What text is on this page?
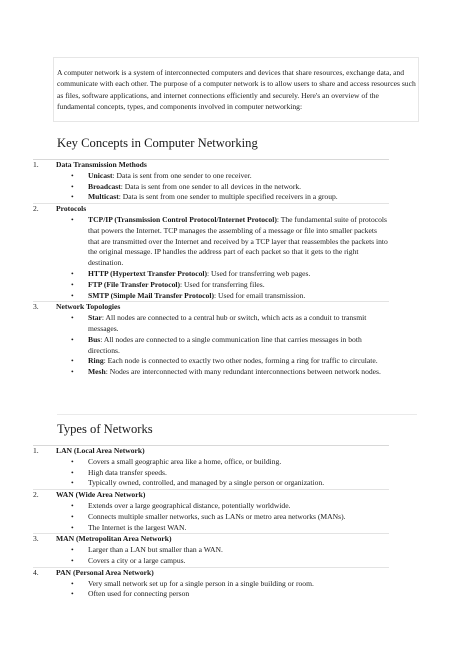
A computer network is a system of interconnected computers and devices that share resources, exchange data, and communicate with each other. The purpose of a computer network is to allow users to share and access resources such as files, software applications, and internet connections efficiently and securely. Here's an overview of the fundamental concepts, types, and components involved in computer networking:
Key Concepts in Computer Networking
1.	Data Transmission Methods
• Unicast: Data is sent from one sender to one receiver.
• Broadcast: Data is sent from one sender to all devices in the network.
• Multicast: Data is sent from one sender to multiple specified receivers in a group.
2.	Protocols
• TCP/IP (Transmission Control Protocol/Internet Protocol): The fundamental suite of protocols that powers the Internet. TCP manages the assembling of a message or file into smaller packets that are transmitted over the Internet and received by a TCP layer that reassembles the packets into the original message. IP handles the address part of each packet so that it gets to the right destination.
• HTTP (Hypertext Transfer Protocol): Used for transferring web pages.
• FTP (File Transfer Protocol): Used for transferring files.
• SMTP (Simple Mail Transfer Protocol): Used for email transmission.
3.	Network Topologies
• Star: All nodes are connected to a central hub or switch, which acts as a conduit to transmit messages.
• Bus: All nodes are connected to a single communication line that carries messages in both directions.
• Ring: Each node is connected to exactly two other nodes, forming a ring for traffic to circulate.
• Mesh: Nodes are interconnected with many redundant interconnections between network nodes.
Types of Networks
1.	LAN (Local Area Network)
• Covers a small geographic area like a home, office, or building.
• High data transfer speeds.
• Typically owned, controlled, and managed by a single person or organization.
2.	WAN (Wide Area Network)
• Extends over a large geographical distance, potentially worldwide.
• Connects multiple smaller networks, such as LANs or metro area networks (MANs).
• The Internet is the largest WAN.
3.	MAN (Metropolitan Area Network)
• Larger than a LAN but smaller than a WAN.
• Covers a city or a large campus.
4.	PAN (Personal Area Network)
• Very small network set up for a single person in a single building or room.
• Often used for connecting person
